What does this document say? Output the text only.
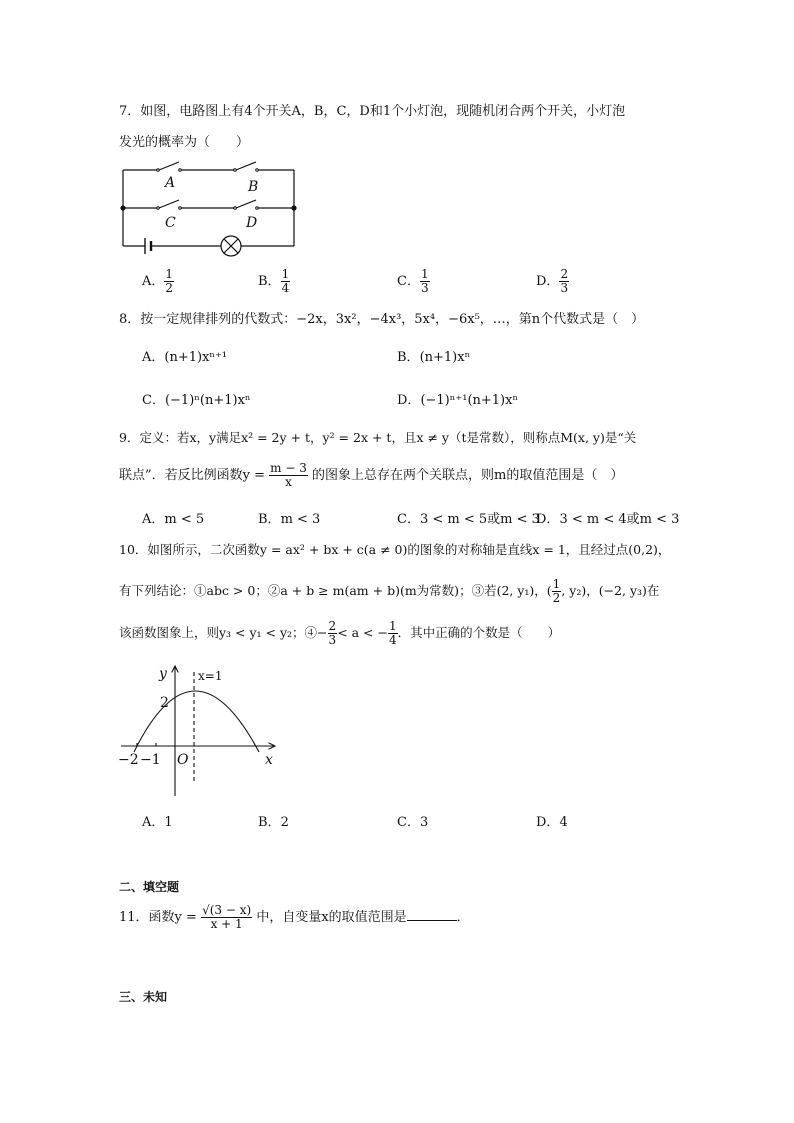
7．如图，电路图上有4个开关A，B，C，D和1个小灯泡，现随机闭合两个开关，小灯泡
发光的概率为（　　）
A	B
C	D
A． $\frac{1}{2}$	B． $\frac{1}{4}$	C． $\frac{1}{3}$	D． $\frac{2}{3}$
8．按一定规律排列的代数式：−2x，3x²，−4x³，5x⁴，−6x⁵，…，第n个代数式是（　）
A．(n+1)xⁿ⁺¹	B．(n+1)xⁿ
C．(−1)ⁿ(n+1)xⁿ	D．(−1)ⁿ⁺¹(n+1)xⁿ
9．定义：若x，y满足x² = 2y + t，y² = 2x + t，且x ≠ y（t是常数），则称点M(x, y)是“关
联点”．若反比例函数$y = \frac{m - 3}{x}$ 的图象上总存在两个关联点，则m的取值范围是（　）
A．m < 5	B．m < 3	C．3 < m < 5或m < 3
D．3 < m < 4或m < 3
10．如图所示，二次函数y = ax² + bx + c(a ≠ 0)的图象的对称轴是直线x = 1，且经过点(0,2)，
有下列结论：①abc > 0；②a + b ≥ m(am + b)(m为常数)；③若(2, y₁)，( $\frac{1}{2}$ , y₂)，(−2, y₃)在
该函数图象上，则y₃ < y₁ < y₂；④− $\frac{2}{3} < a$ < − $\frac{1}{4}$ ．其中正确的个数是（　　）
y
x
x=1
2
−2 −1 O
A．1	B．2	C．3	D．4
二、填空题
11．函数$y = \frac{√(3 - x)}{x + 1}$ 中，自变量x的取值范围是	．
三、未知
